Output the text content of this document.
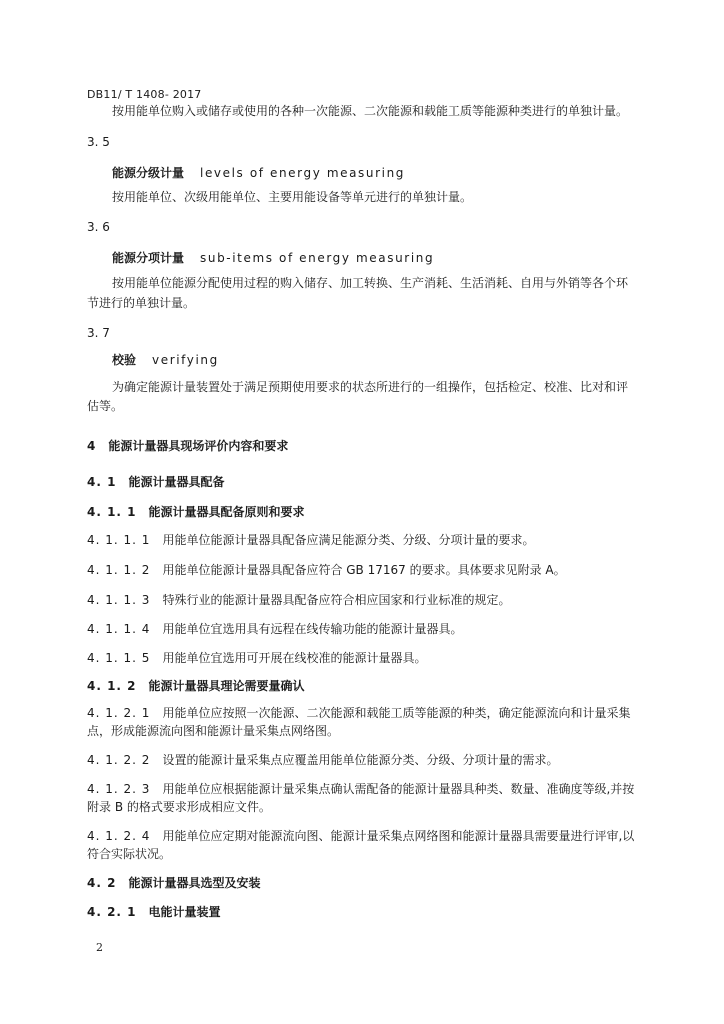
DB11/ T 1408- 2017
按用能单位购入或储存或使用的各种一次能源、二次能源和载能工质等能源种类进行的单独计量。
3. 5
能源分级计量 levels of energy measuring
按用能单位、次级用能单位、主要用能设备等单元进行的单独计量。
3. 6
能源分项计量 sub-items of energy measuring
按用能单位能源分配使用过程的购入储存、加工转换、生产消耗、生活消耗、自用与外销等各个环
节进行的单独计量。
3. 7
校验 verifying
为确定能源计量装置处于满足预期使用要求的状态所进行的一组操作，包括检定、校准、比对和评
估等。
4 能源计量器具现场评价内容和要求
4. 1 能源计量器具配备
4. 1. 1 能源计量器具配备原则和要求
4. 1. 1. 1 用能单位能源计量器具配备应满足能源分类、分级、分项计量的要求。
4. 1. 1. 2 用能单位能源计量器具配备应符合 GB 17167 的要求。具体要求见附录 A。
4. 1. 1. 3 特殊行业的能源计量器具配备应符合相应国家和行业标准的规定。
4. 1. 1. 4 用能单位宜选用具有远程在线传输功能的能源计量器具。
4. 1. 1. 5 用能单位宜选用可开展在线校准的能源计量器具。
4. 1. 2 能源计量器具理论需要量确认
4. 1. 2. 1 用能单位应按照一次能源、二次能源和载能工质等能源的种类，确定能源流向和计量采集
点，形成能源流向图和能源计量采集点网络图。
4. 1. 2. 2 设置的能源计量采集点应覆盖用能单位能源分类、分级、分项计量的需求。
4. 1. 2. 3 用能单位应根据能源计量采集点确认需配备的能源计量器具种类、数量、准确度等级,并按
附录 B 的格式要求形成相应文件。
4. 1. 2. 4 用能单位应定期对能源流向图、能源计量采集点网络图和能源计量器具需要量进行评审,以
符合实际状况。
4. 2 能源计量器具选型及安装
4. 2. 1 电能计量装置
2
